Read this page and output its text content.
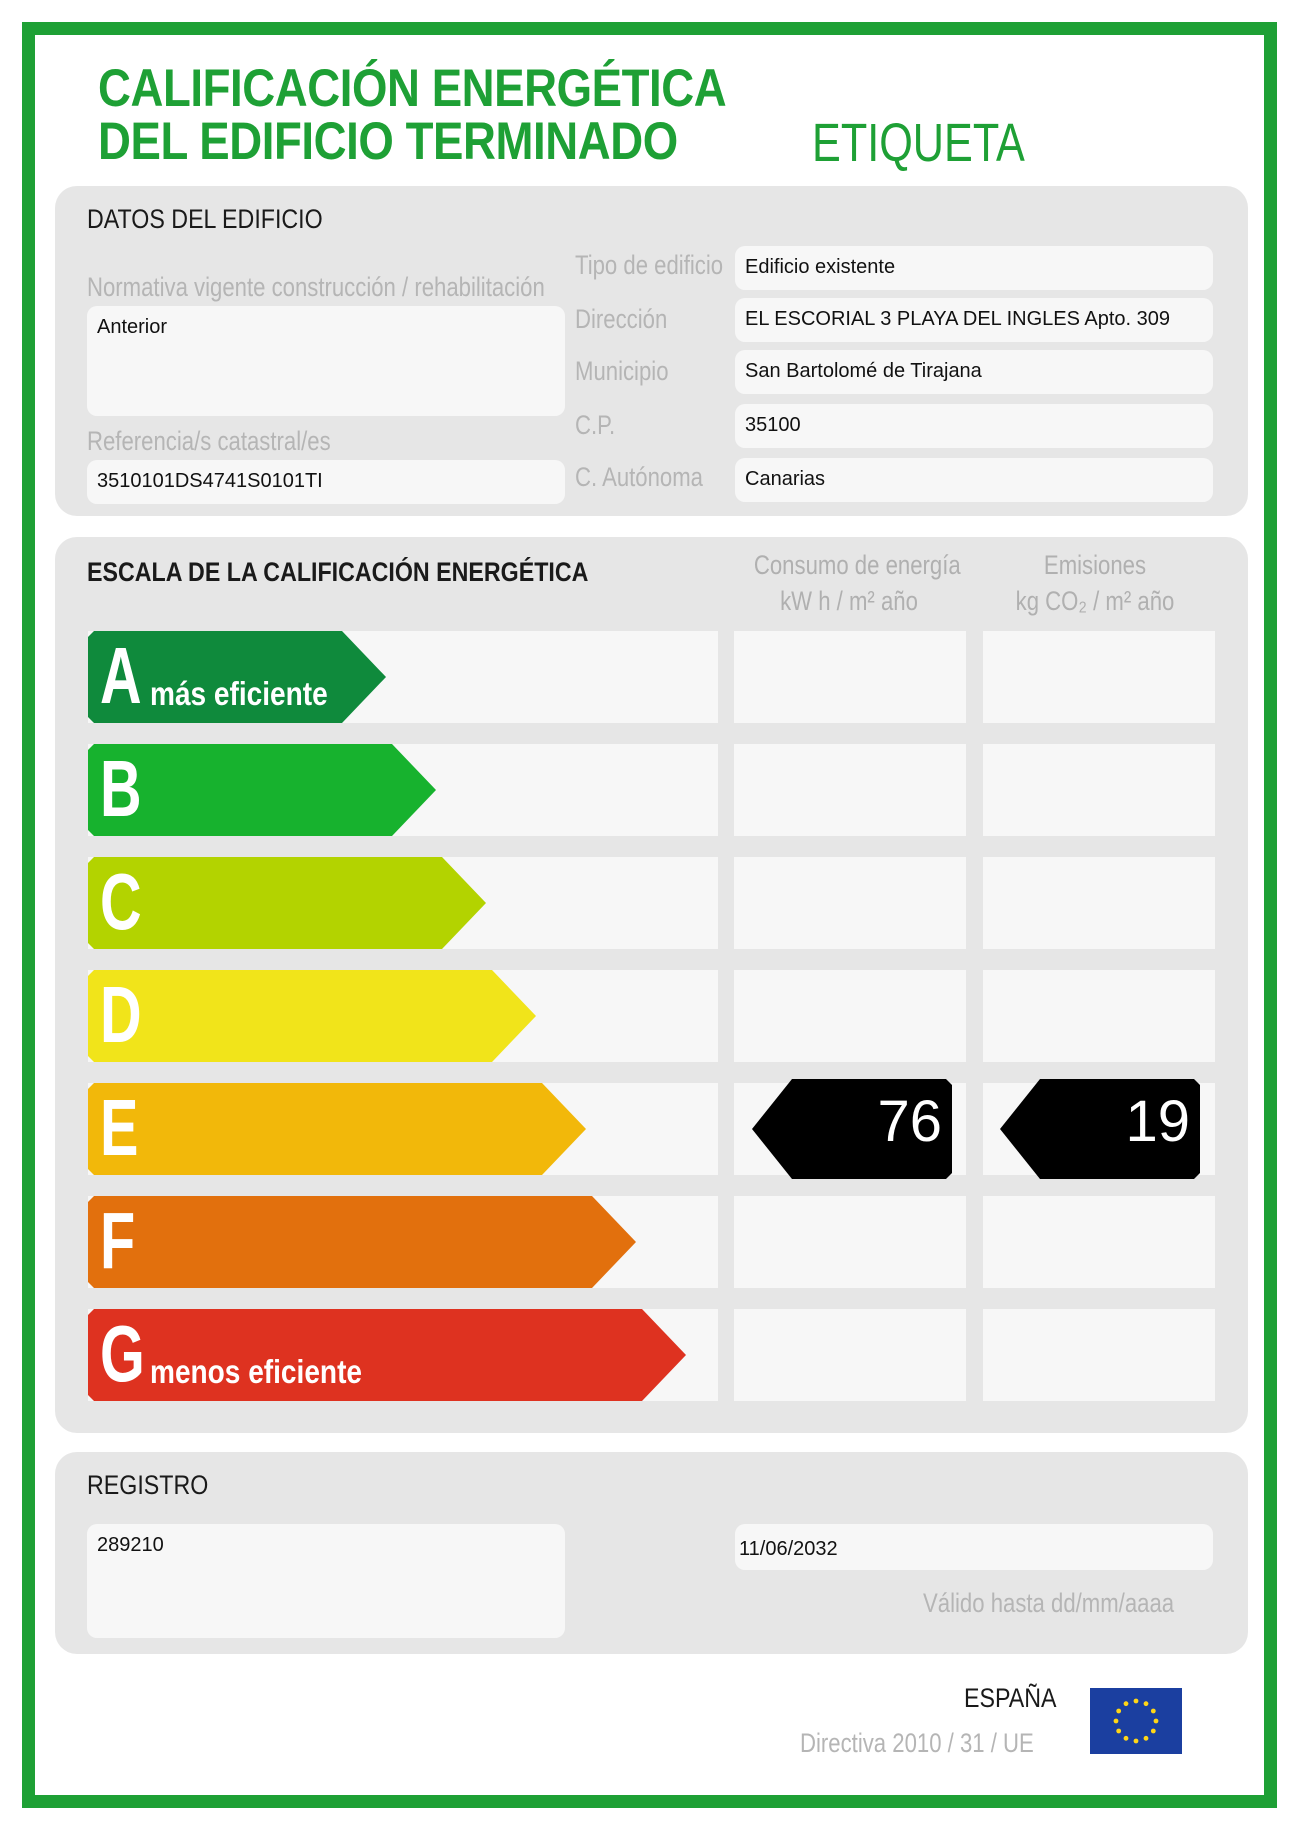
CALIFICACIÓN ENERGÉTICA
DEL EDIFICIO TERMINADO	ETIQUETA
DATOS DEL EDIFICIO
Normativa vigente construcción / rehabilitación
Anterior
Referencia/s catastral/es
3510101DS4741S0101TI
Tipo de edificio Edificio existente
Dirección	EL ESCORIAL 3 PLAYA DEL INGLES Apto. 309
Municipio	San Bartolomé de Tirajana
C.P.	35100
C. Autónoma Canarias
ESCALA DE LA CALIFICACIÓN ENERGÉTICA	Consumo de energía
kW h / m² año
Emisiones
kg CO₂ / m² año
A más eficiente
B
C
D
E	76	19
F
G menos eficiente
REGISTRO
289210	11/06/2032
Válido hasta dd/mm/aaaa
ESPAÑA
Directiva 2010 / 31 / UE
